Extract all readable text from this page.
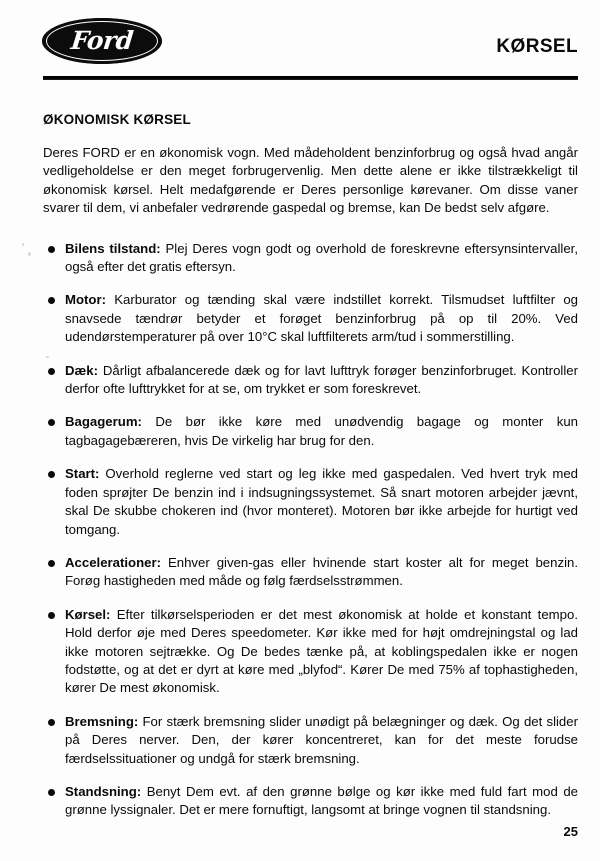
Ford	KØRSEL
ØKONOMISK KØRSEL

Deres FORD er en økonomisk vogn. Med mådeholdent benzinforbrug og også hvad angår vedligeholdelse er den meget forbrugervenlig. Men dette alene er ikke tilstrækkeligt til økonomisk kørsel. Helt medafgørende er Deres personlige kørevaner. Om disse vaner svarer til dem, vi anbefaler vedrørende gaspedal og bremse, kan De bedst selv afgøre.

Bilens tilstand: Plej Deres vogn godt og overhold de foreskrevne eftersynsintervaller, også efter det gratis eftersyn.
Motor: Karburator og tænding skal være indstillet korrekt. Tilsmudset luftfilter og snavsede tændrør betyder et forøget benzinforbrug på op til 20%. Ved udendørstemperaturer på over 10°C skal luftfilterets arm/tud i sommerstilling.
Dæk: Dårligt afbalancerede dæk og for lavt lufttryk forøger benzinforbruget. Kontroller derfor ofte lufttrykket for at se, om trykket er som foreskrevet.
Bagagerum: De bør ikke køre med unødvendig bagage og monter kun tagbagagebæreren, hvis De virkelig har brug for den.
Start: Overhold reglerne ved start og leg ikke med gaspedalen. Ved hvert tryk med foden sprøjter De benzin ind i indsugningssystemet. Så snart motoren arbejder jævnt, skal De skubbe chokeren ind (hvor monteret). Motoren bør ikke arbejde for hurtigt ved tomgang.
Accelerationer: Enhver given-gas eller hvinende start koster alt for meget benzin. Forøg hastigheden med måde og følg færdselsstrømmen.
Kørsel: Efter tilkørselsperioden er det mest økonomisk at holde et konstant tempo. Hold derfor øje med Deres speedometer. Kør ikke med for højt omdrejningstal og lad ikke motoren sejtrække. Og De bedes tænke på, at koblingspedalen ikke er nogen fodstøtte, og at det er dyrt at køre med „blyfod“. Kører De med 75% af tophastigheden, kører De mest økonomisk.
Bremsning: For stærk bremsning slider unødigt på belægninger og dæk. Og det slider på Deres nerver. Den, der kører koncentreret, kan for det meste forudse færdselssituationer og undgå for stærk bremsning.
Standsning: Benyt Dem evt. af den grønne bølge og kør ikke med fuld fart mod de grønne lyssignaler. Det er mere fornuftigt, langsomt at bringe vognen til standsning.
25
